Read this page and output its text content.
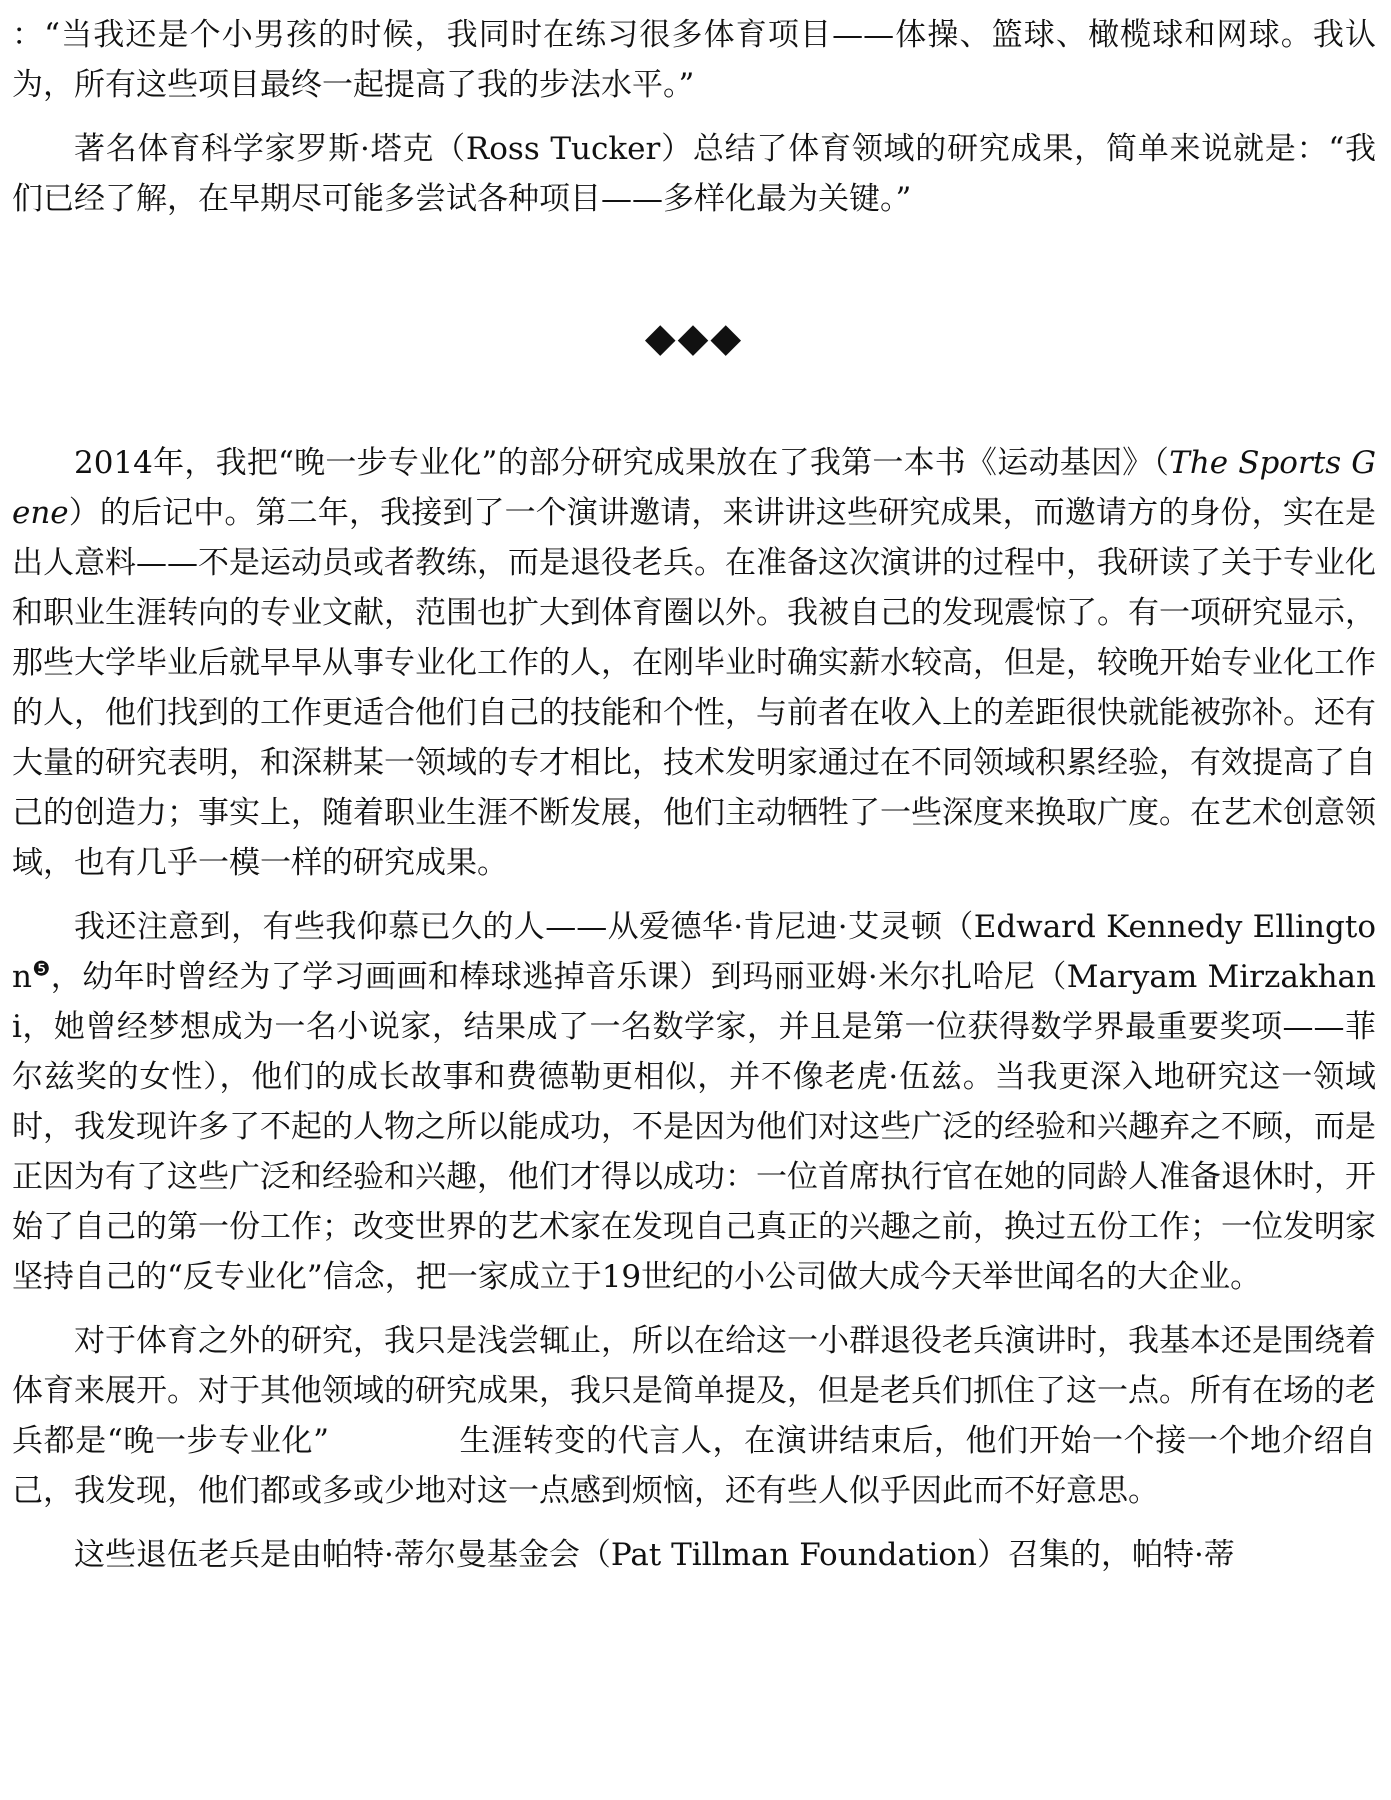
：“当我还是个小男孩的时候，我同时在练习很多体育项目——体操、篮球、橄榄球和网球。我认为，所有这些项目最终一起提高了我的步法水平。”

著名体育科学家罗斯·塔克（Ross Tucker）总结了体育领域的研究成果，简单来说就是：“我们已经了解，在早期尽可能多尝试各种项目——多样化最为关键。”

◆◆◆

2014年，我把“晚一步专业化”的部分研究成果放在了我第一本书《运动基因》（The Sports Gene）的后记中。第二年，我接到了一个演讲邀请，来讲讲这些研究成果，而邀请方的身份，实在是出人意料——不是运动员或者教练，而是退役老兵。在准备这次演讲的过程中，我研读了关于专业化和职业生涯转向的专业文献，范围也扩大到体育圈以外。我被自己的发现震惊了。有一项研究显示，那些大学毕业后就早早从事专业化工作的人，在刚毕业时确实薪水较高，但是，较晚开始专业化工作的人，他们找到的工作更适合他们自己的技能和个性，与前者在收入上的差距很快就能被弥补。还有大量的研究表明，和深耕某一领域的专才相比，技术发明家通过在不同领域积累经验，有效提高了自己的创造力；事实上，随着职业生涯不断发展，他们主动牺牲了一些深度来换取广度。在艺术创意领域，也有几乎一模一样的研究成果。

我还注意到，有些我仰慕已久的人——从爱德华·肯尼迪·艾灵顿（Edward Kennedy Ellington$^❺$，幼年时曾经为了学习画画和棒球逃掉音乐课）到玛丽亚姆·米尔扎哈尼（Maryam Mirzakhani，她曾经梦想成为一名小说家，结果成了一名数学家，并且是第一位获得数学界最重要奖项——菲尔兹奖的女性），他们的成长故事和费德勒更相似，并不像老虎·伍兹。当我更深入地研究这一领域时，我发现许多了不起的人物之所以能成功，不是因为他们对这些广泛的经验和兴趣弃之不顾，而是正因为有了这些广泛和经验和兴趣，他们才得以成功：一位首席执行官在她的同龄人准备退休时，开始了自己的第一份工作；改变世界的艺术家在发现自己真正的兴趣之前，换过五份工作；一位发明家坚持自己的“反专业化”信念，把一家成立于19世纪的小公司做大成今天举世闻名的大企业。

对于体育之外的研究，我只是浅尝辄止，所以在给这一小群退役老兵演讲时，我基本还是围绕着体育来展开。对于其他领域的研究成果，我只是简单提及，但是老兵们抓住了这一点。所有在场的老兵都是“晚一步专业化”	生涯转变的代言人，在演讲结束后，他们开始一个接一个地介绍自己，我发现，他们都或多或少地对这一点感到烦恼，还有些人似乎因此而不好意思。

这些退伍老兵是由帕特·蒂尔曼基金会（Pat Tillman Foundation）召集的，帕特·蒂
